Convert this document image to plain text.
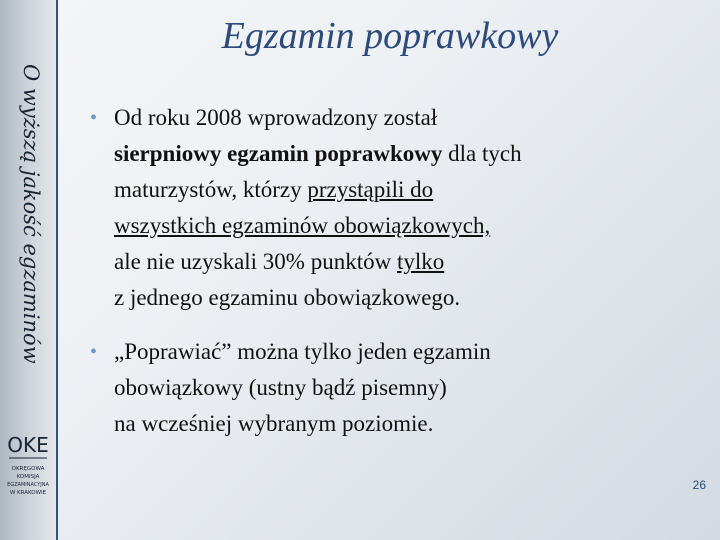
O wyższą jakość egzaminów
OKE
OKRĘGOWA
KOMISJA
EGZAMINACYJNA
W KRAKOWIE
Egzamin poprawkowy
• Od roku 2008 wprowadzony został
sierpniowy egzamin poprawkowy dla tych
maturzystów, którzy przystąpili do
wszystkich egzaminów obowiązkowych,
ale nie uzyskali 30% punktów tylko
z jednego egzaminu obowiązkowego.
• „Poprawiać” można tylko jeden egzamin
obowiązkowy (ustny bądź pisemny)
na wcześniej wybranym poziomie.
26
